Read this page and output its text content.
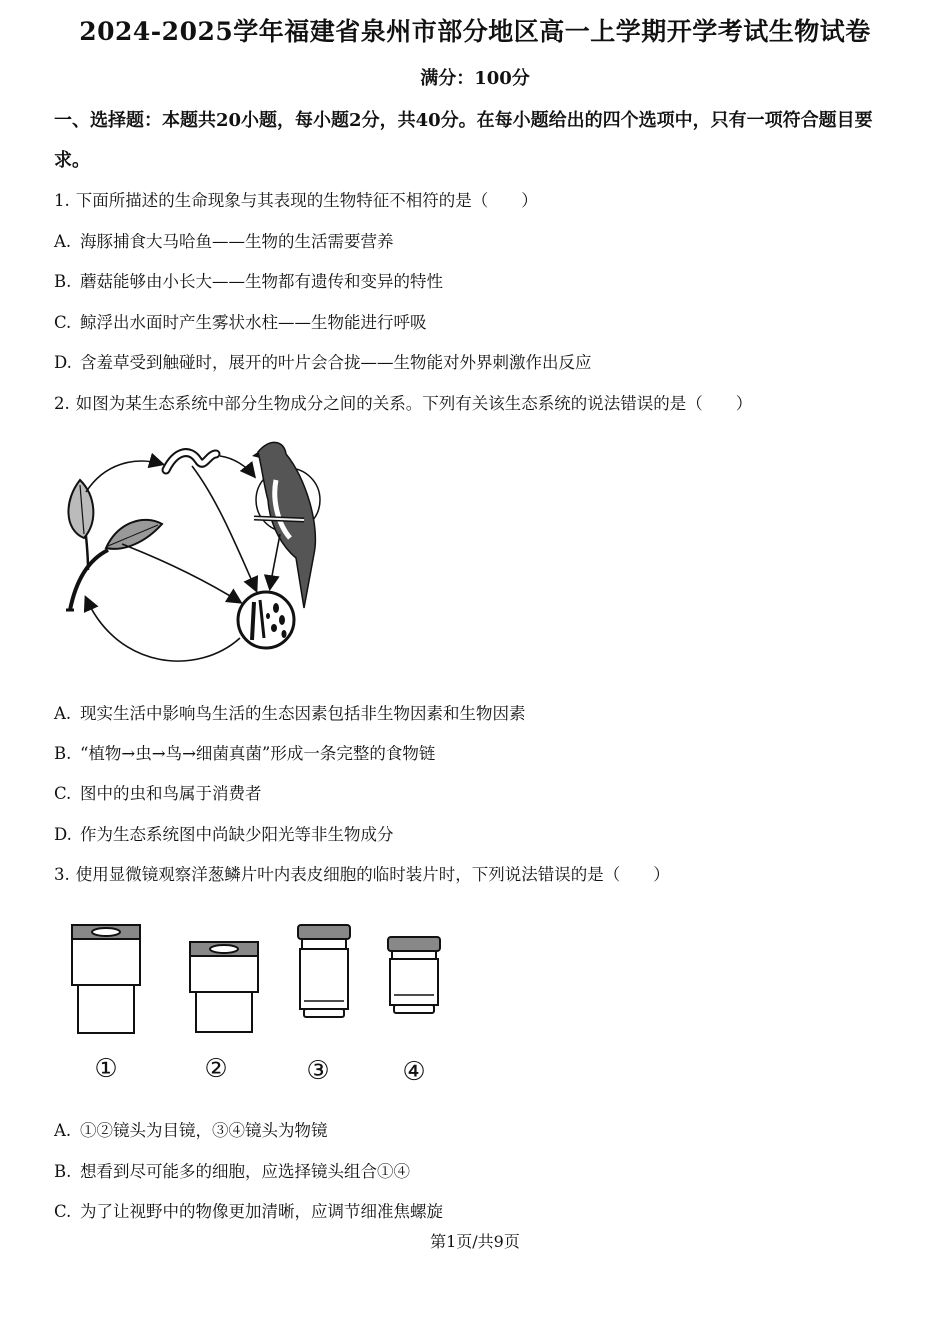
2024-2025学年福建省泉州市部分地区高一上学期开学考试生物试卷
满分：100分
一、选择题：本题共20小题，每小题2分，共40分。在每小题给出的四个选项中，只有一项符合题目要求。
1. 下面所描述的生命现象与其表现的生物特征不相符的是（　　）
A. 海豚捕食大马哈鱼——生物的生活需要营养
B. 蘑菇能够由小长大——生物都有遗传和变异的特性
C. 鲸浮出水面时产生雾状水柱——生物能进行呼吸
D. 含羞草受到触碰时，展开的叶片会合拢——生物能对外界刺激作出反应
2. 如图为某生态系统中部分生物成分之间的关系。下列有关该生态系统的说法错误的是（　　）
A. 现实生活中影响鸟生活的生态因素包括非生物因素和生物因素
B. “植物→虫→鸟→细菌真菌”形成一条完整的食物链
C. 图中的虫和鸟属于消费者
D. 作为生态系统图中尚缺少阳光等非生物成分
3. 使用显微镜观察洋葱鳞片叶内表皮细胞的临时装片时，下列说法错误的是（　　）
①	②	③	④
A. ①②镜头为目镜，③④镜头为物镜
B. 想看到尽可能多的细胞，应选择镜头组合①④
C. 为了让视野中的物像更加清晰，应调节细准焦螺旋
第1页/共9页
